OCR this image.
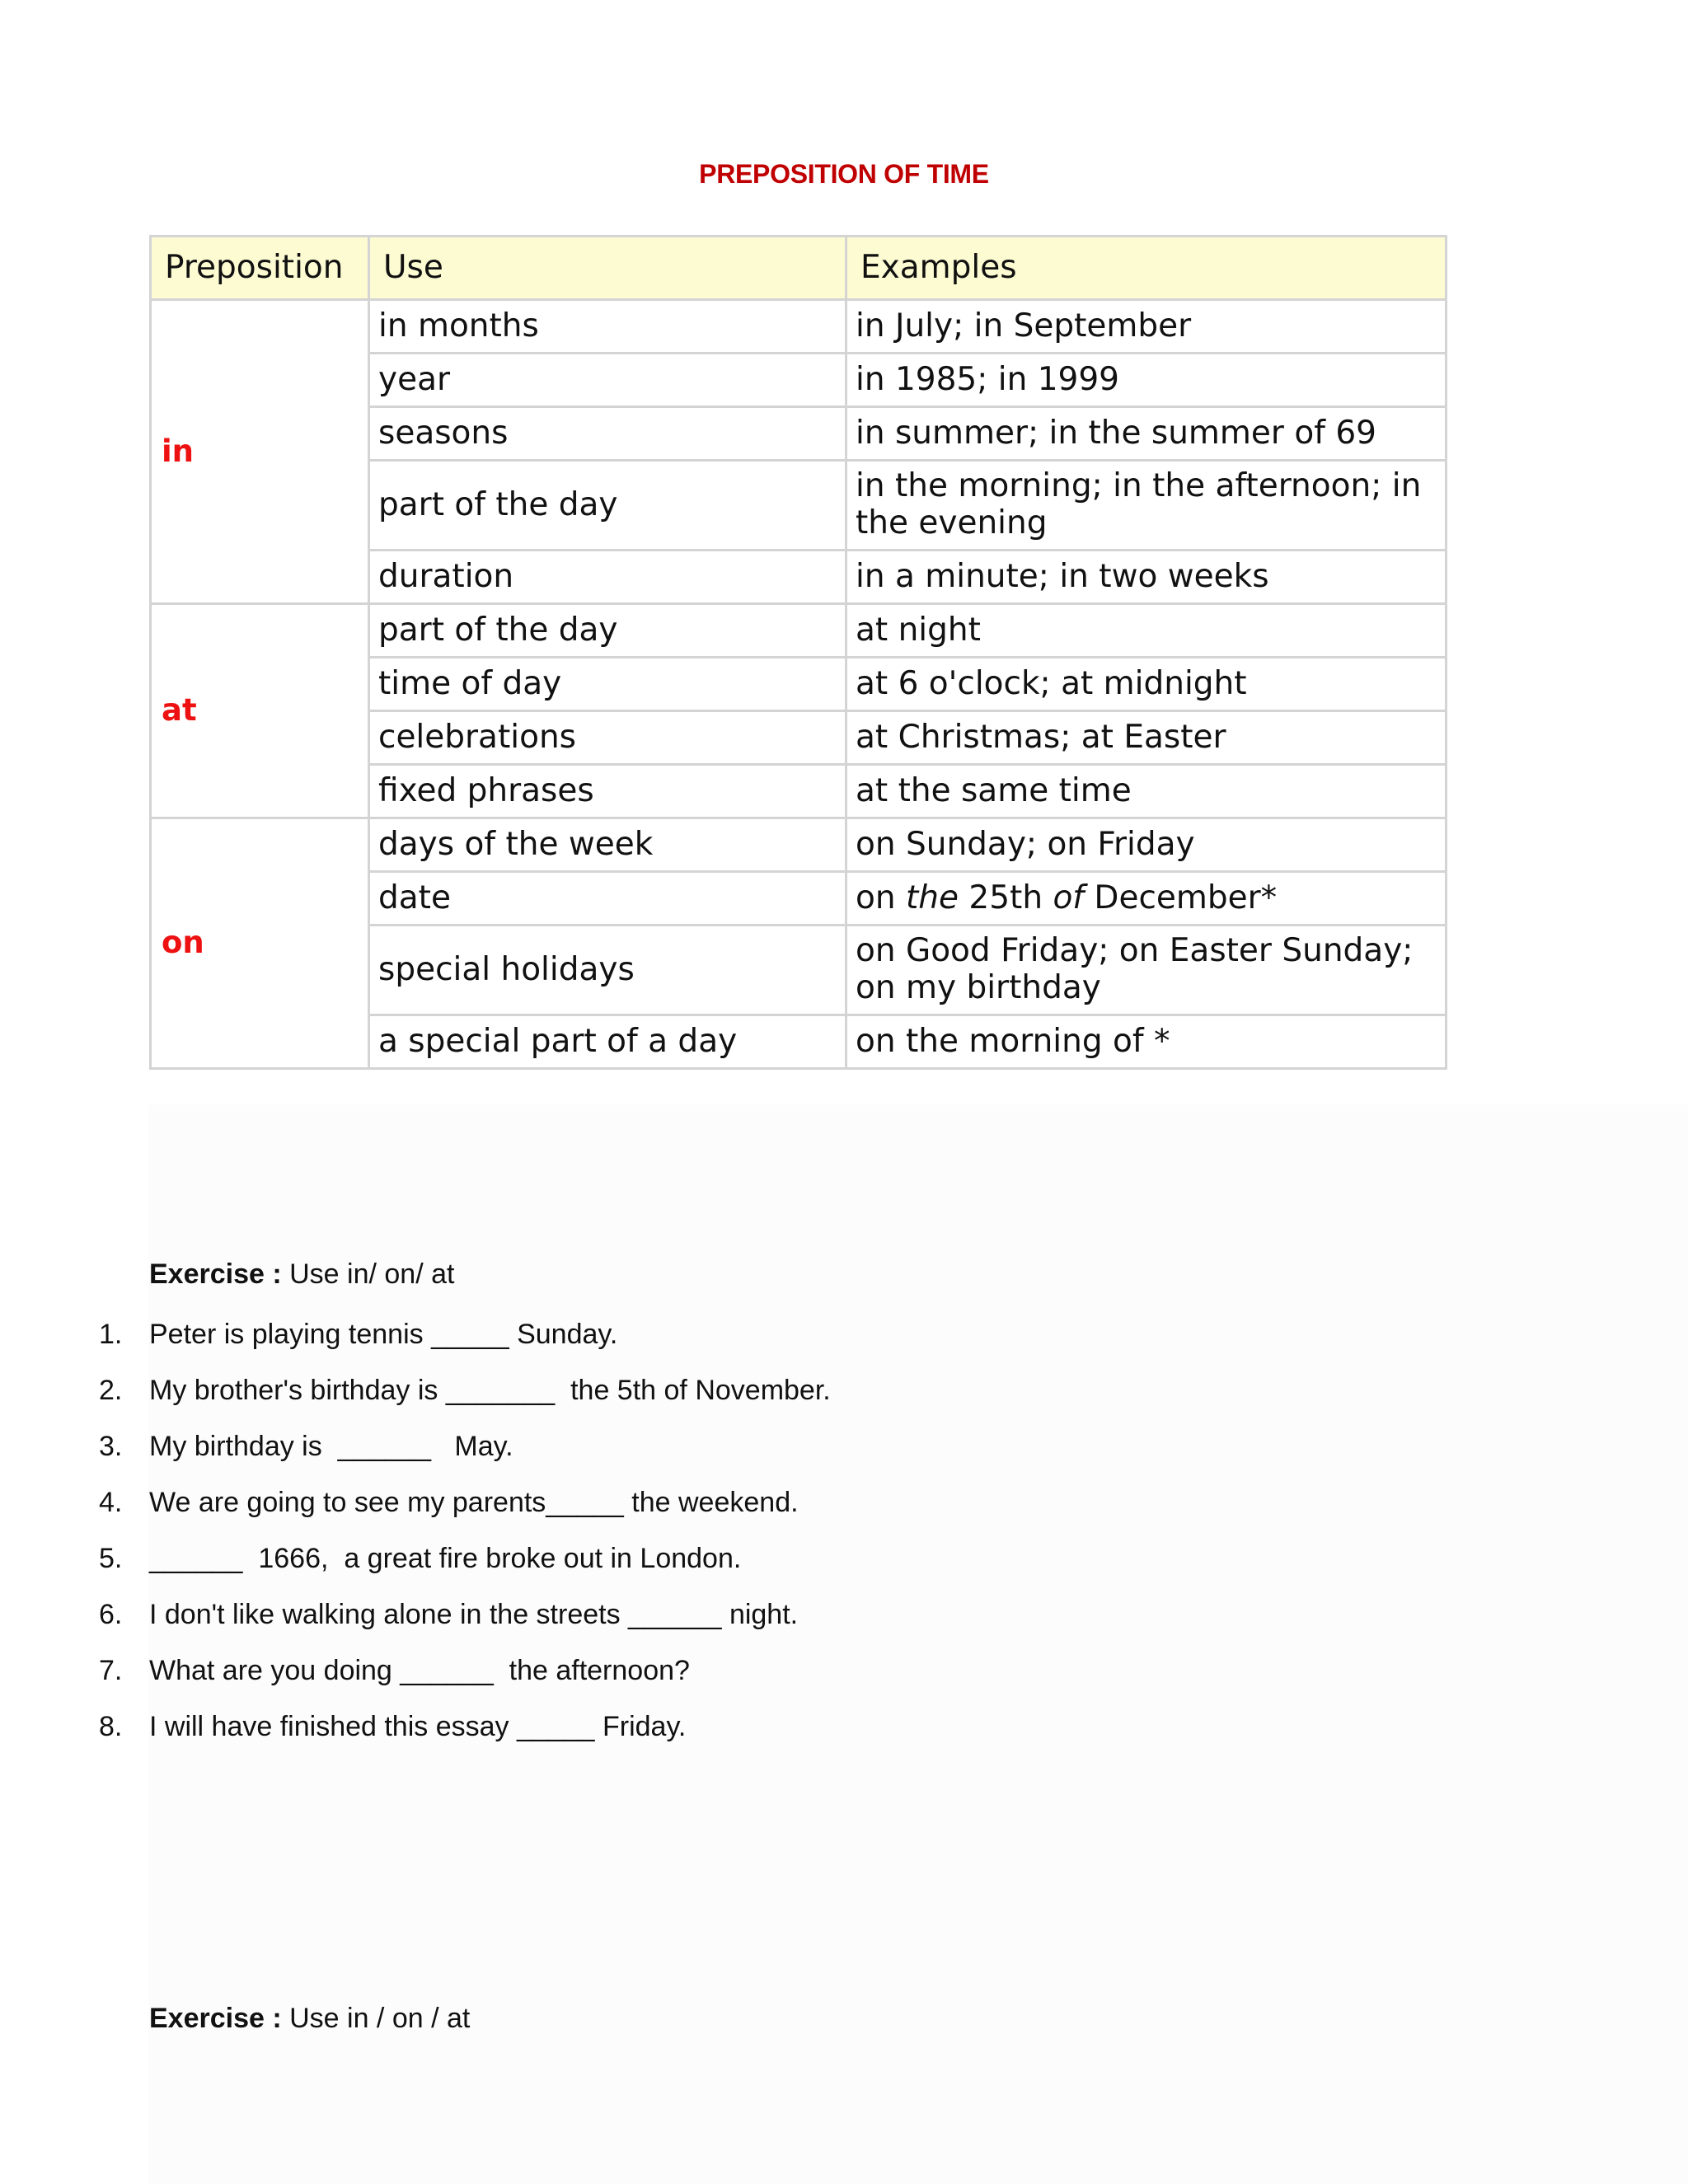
PREPOSITION OF TIME
Preposition	Use	Examples
in	in months	in July; in September
	year	in 1985; in 1999
	seasons	in summer; in the summer of 69
	part of the day	in the morning; in the afternoon; in the evening
	duration	in a minute; in two weeks
at	part of the day	at night
	time of day	at 6 o'clock; at midnight
	celebrations	at Christmas; at Easter
	fixed phrases	at the same time
on	days of the week	on Sunday; on Friday
	date	on the 25th of December*
	special holidays	on Good Friday; on Easter Sunday; on my birthday
	a special part of a day	on the morning of *
Exercise : Use in/ on/ at
1. Peter is playing tennis _____ Sunday.
2. My brother's birthday is _______  the 5th of November.
3. My birthday is  ______   May.
4. We are going to see my parents_____ the weekend.
5. ______  1666,  a great fire broke out in London.
6. I don't like walking alone in the streets ______ night.
7. What are you doing ______  the afternoon?
8. I will have finished this essay _____ Friday.
Exercise : Use in / on / at
